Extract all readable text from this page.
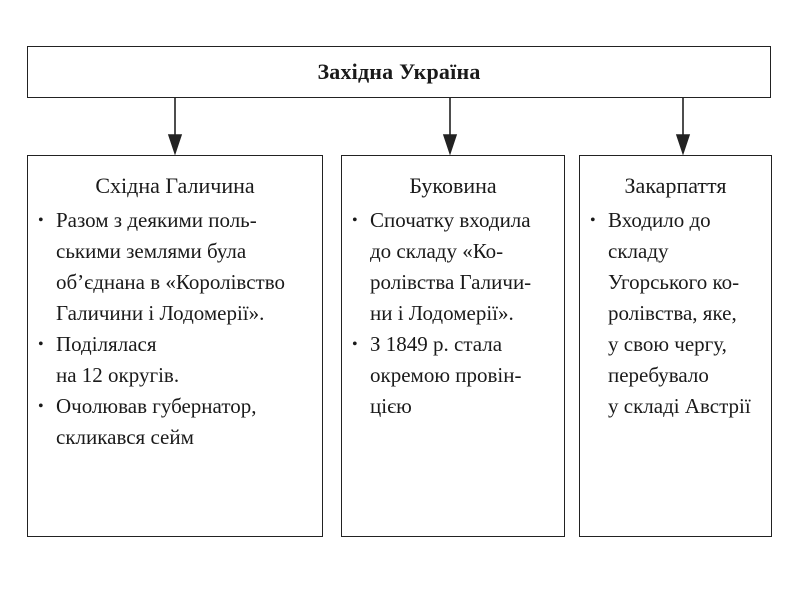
Західна Україна
Східна Галичина
• Разом з деякими поль-
ськими землями була
об’єднана в «Королівство
Галичини і Лодомерії».
• Поділялася
на 12 округів.
• Очолював губернатор,
скликався сейм
Буковина
• Спочатку входила
до складу «Ко-
ролівства Галичи-
ни і Лодомерії».
• З 1849 р. стала
окремою провін-
цією
Закарпаття
• Входило до
складу
Угорського ко-
ролівства, яке,
у свою чергу,
перебувало
у складі Австрії
